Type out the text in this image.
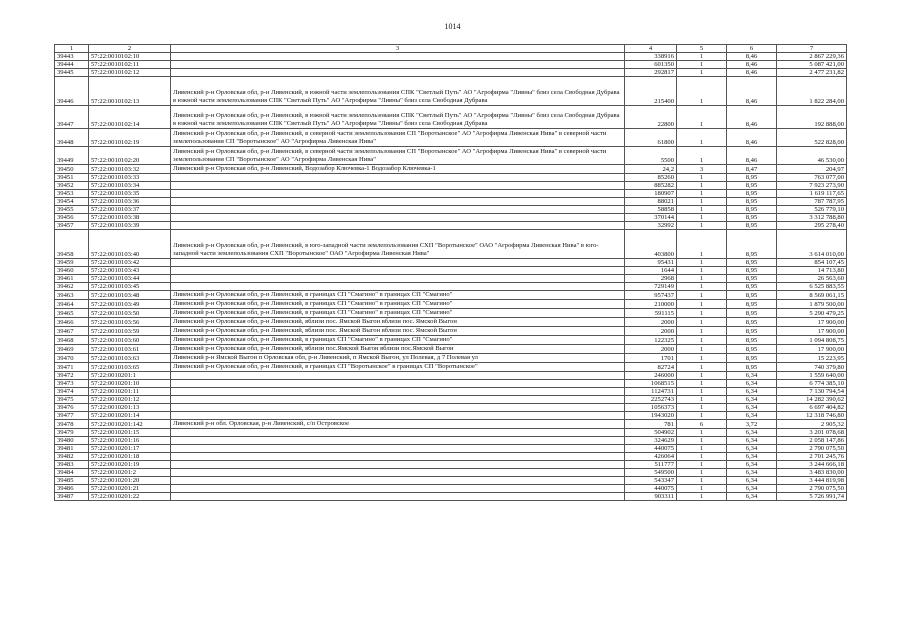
1014
1	2	3	4	5	6	7
39443	57:22:0010102:10		338916	1	8,46	2 867 229,36
39444	57:22:0010102:11		601350	1	8,46	5 087 421,00
39445	57:22:0010102:12		292817	1	8,46	2 477 231,82
39446	57:22:0010102:13	Ливенский р-н Орловская обл, р-н Ливенский, в южной части землепользования СПК "Светлый Путь" АО "Агрофирма "Ливны" близ села Свободная Дубрава в южной части землепользования СПК "Светлый Путь" АО "Агрофирма "Ливны" близ села Свободная Дубрава	215400	1	8,46	1 822 284,00
39447	57:22:0010102:14	Ливенский р-н Орловская обл, р-н Ливенский, в южной части землепользования СПК "Светлый Путь" АО "Агрофирма "Ливны" близ села Свободная Дубрава в южной части землепользования СПК "Светлый Путь" АО "Агрофирма "Ливны" близ села Свободная Дубрава	22800	1	8,46	192 888,00
39448	57:22:0010102:19	Ливенский р-н Орловская обл, р-н Ливенский, в северной части землепользования СП "Воротынское" АО "Агрофирма Ливенская Нива" в северной части землепользования СП "Воротынское" АО "Агрофирма Ливенская Нива"	61800	1	8,46	522 828,00
39449	57:22:0010102:20	Ливенский р-н Орловская обл, р-н Ливенский, в северной части землепользования СП "Воротынское" АО "Агрофирма Ливенская Нива" в северной части землепользования СП "Воротынское" АО "Агрофирма Ливенская Нива"	5500	1	8,46	46 530,00
39450	57:22:0010103:32	Ливенский р-н Орловская обл, р-н Ливенский, Водозабор Ключевка-1 Водозабор Ключевка-1	24,2	3	8,47	204,97
39451	57:22:0010103:33		85260	1	8,95	763 077,00
39452	57:22:0010103:34		885282	1	8,95	7 923 273,90
39453	57:22:0010103:35		180907	1	8,95	1 619 117,65
39454	57:22:0010103:36		88021	1	8,95	787 787,95
39455	57:22:0010103:37		58858	1	8,95	526 779,10
39456	57:22:0010103:38		370144	1	8,95	3 312 788,80
39457	57:22:0010103:39		32992	1	8,95	295 278,40
39458	57:22:0010103:40	Ливенский р-н Орловская обл, р-н Ливенский, в юго-западной части землепользования СХП "Воротынское" ОАО "Агрофирма Ливенская Нива" в юго-западной части землепользования СХП "Воротынское" ОАО "Агрофирма Ливенская Нива"	403800	1	8,95	3 614 010,00
39459	57:22:0010103:42		95431	1	8,95	854 107,45
39460	57:22:0010103:43		1644	1	8,95	14 713,80
39461	57:22:0010103:44		2968	1	8,95	26 563,60
39462	57:22:0010103:45		729149	1	8,95	6 525 883,55
39463	57:22:0010103:48	Ливенский р-н Орловская обл, р-н Ливенский, в границах СП "Смагино" в границах СП "Смагино"	957437	1	8,95	8 569 061,15
39464	57:22:0010103:49	Ливенский р-н Орловская обл, р-н Ливенский, в границах СП "Смагино" в границах СП "Смагино"	210000	1	8,95	1 879 500,00
39465	57:22:0010103:50	Ливенский р-н Орловская обл, р-н Ливенский, в границах СП "Смагино" в границах СП "Смагино"	591115	1	8,95	5 290 479,25
39466	57:22:0010103:56	Ливенский р-н Орловская обл, р-н Ливенский, вблизи пос. Ямской Выгон вблизи пос. Ямской Выгон	2000	1	8,95	17 900,00
39467	57:22:0010103:59	Ливенский р-н Орловская обл, р-н Ливенский, вблизи пос. Ямской Выгон вблизи пос. Ямской Выгон	2000	1	8,95	17 900,00
39468	57:22:0010103:60	Ливенский р-н Орловская обл, р-н Ливенский, в границах СП "Смагино" в границах СП "Смагино"	122325	1	8,95	1 094 808,75
39469	57:22:0010103:61	Ливенский р-н Орловская обл, р-н Ливенский, вблизи пос.Ямской Выгон вблизи пос.Ямской Выгон	2000	1	8,95	17 900,00
39470	57:22:0010103:63	Ливенский р-н Ямской Выгон п Орловская обл, р-н Ливенский, п Ямской Выгон, ул Полевая, д 7 Полевая ул	1701	1	8,95	15 223,95
39471	57:22:0010103:65	Ливенский р-н Орловская обл, р-н Ливенский, в границах СП "Воротынское" в границах СП "Воротынское"	82724	1	8,95	740 379,80
39472	57:22:0010201:1		246000	1	6,34	1 559 640,00
39473	57:22:0010201:10		1068515	1	6,34	6 774 385,10
39474	57:22:0010201:11		1124731	1	6,34	7 130 794,54
39475	57:22:0010201:12		2252743	1	6,34	14 282 390,62
39476	57:22:0010201:13		1056373	1	6,34	6 697 404,82
39477	57:22:0010201:14		1943020	1	6,34	12 318 746,80
39478	57:22:0010201:142	Ливенский р-н обл. Орловская, р-н Ливенский, с/п Островское	781	6	3,72	2 905,32
39479	57:22:0010201:15		504902	1	6,34	3 201 078,68
39480	57:22:0010201:16		324629	1	6,34	2 058 147,86
39481	57:22:0010201:17		440075	1	6,34	2 790 075,50
39482	57:22:0010201:18		426064	1	6,34	2 701 245,76
39483	57:22:0010201:19		511777	1	6,34	3 244 666,18
39484	57:22:0010201:2		549500	1	6,34	3 483 830,00
39485	57:22:0010201:20		543347	1	6,34	3 444 819,98
39486	57:22:0010201:21		440075	1	6,34	2 790 075,50
39487	57:22:0010201:22		903311	1	6,34	5 726 991,74
